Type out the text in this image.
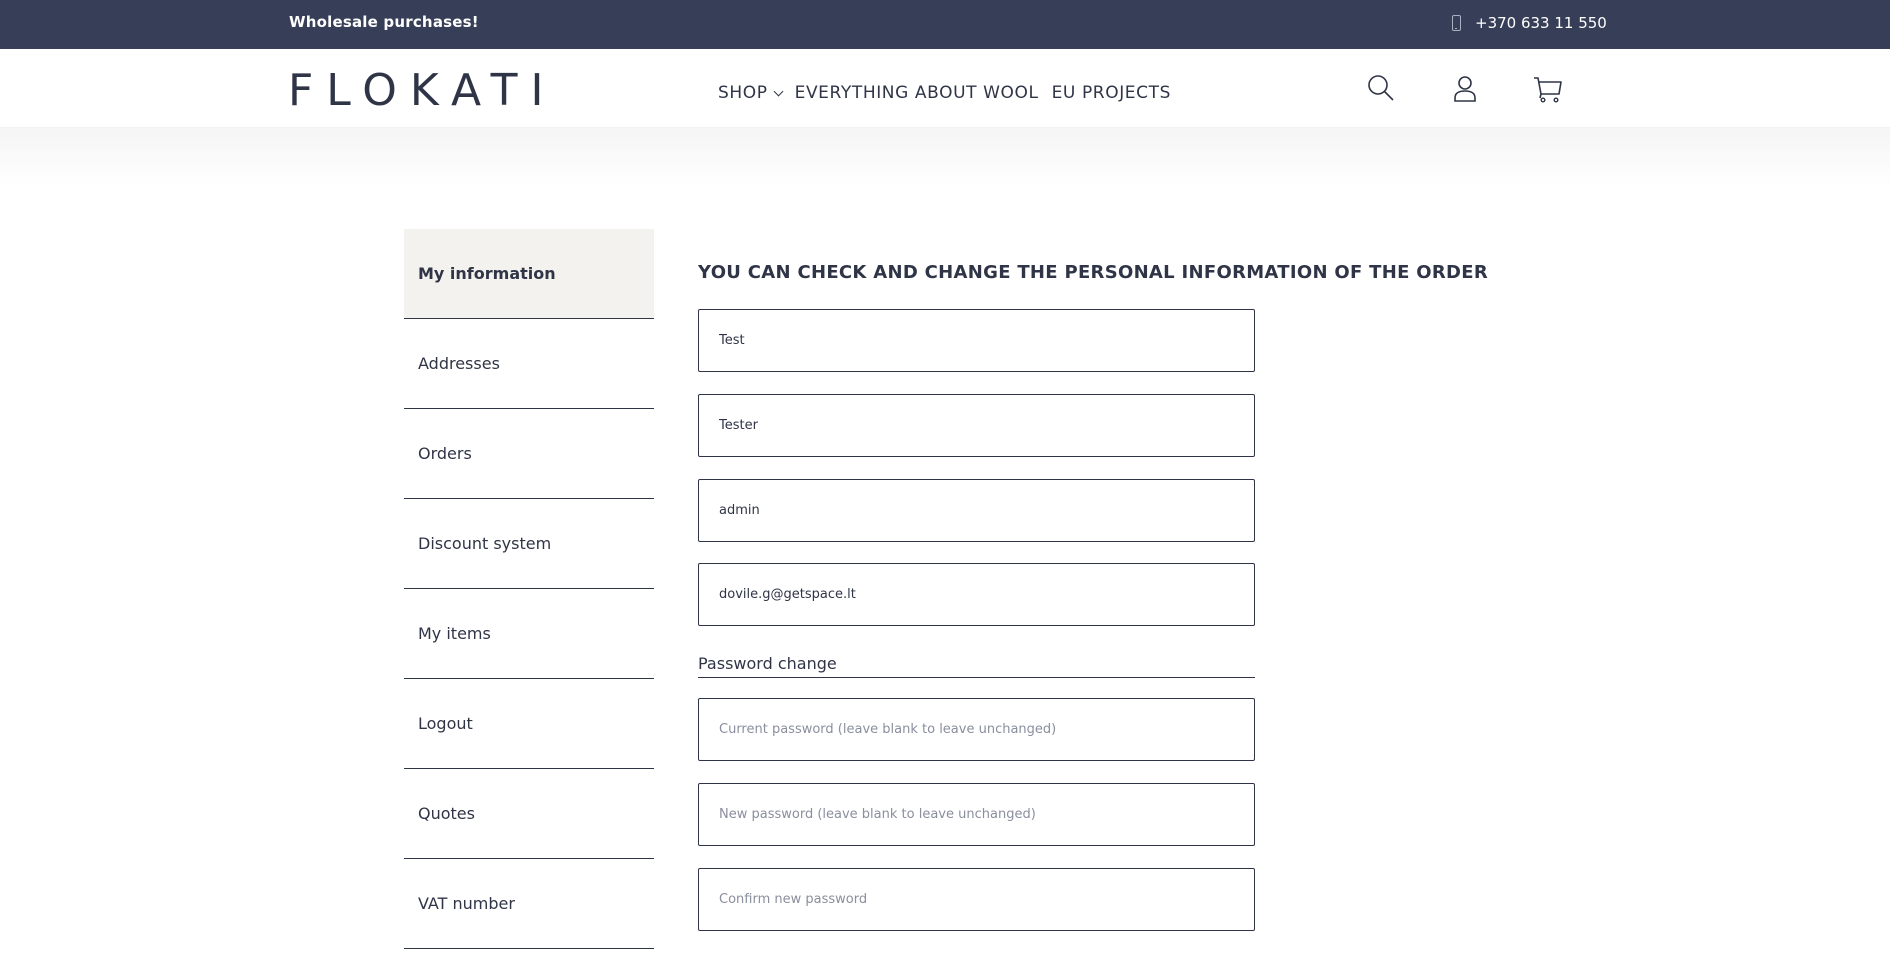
Wholesale purchases!	+370 633 11 550
FLOKATI	SHOP EVERYTHING ABOUT WOOL EU PROJECTS
My information
Addresses
Orders
Discount system
My items
Logout
Quotes
VAT number
YOU CAN CHECK AND CHANGE THE PERSONAL INFORMATION OF THE ORDER
Test
Tester
admin
dovile.g@getspace.lt
Password change
